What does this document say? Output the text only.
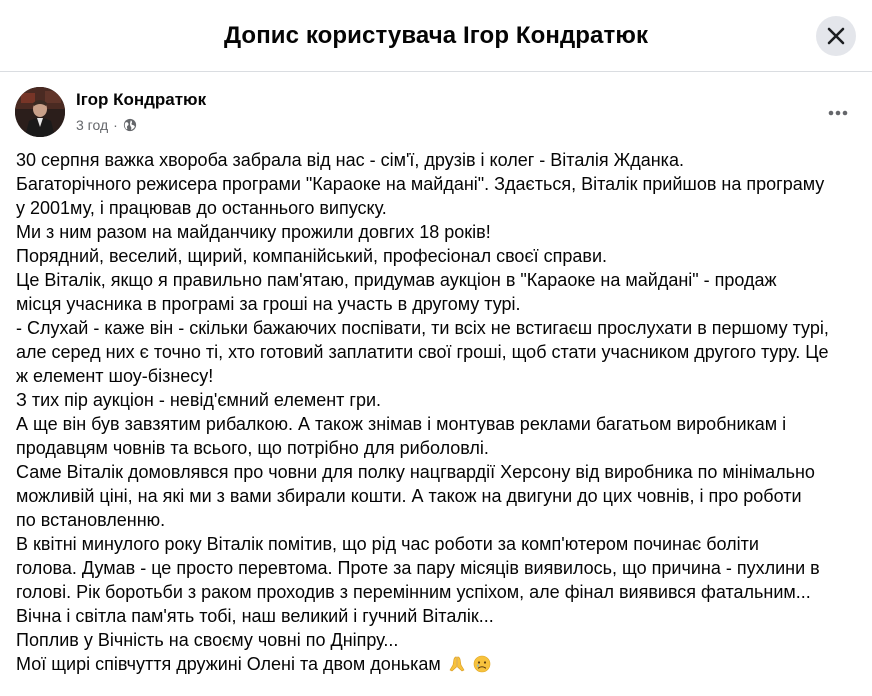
Допис користувача Ігор Кондратюк
Ігор Кондратюк
3 год ·
30 серпня важка хвороба забрала від нас - сім'ї, друзів і колег - Віталія Жданка.
Багаторічного режисера програми "Караоке на майдані". Здається, Віталік прийшов на програму
у 2001му, і працював до останнього випуску.
Ми з ним разом на майданчику прожили довгих 18 років!
Порядний, веселий, щирий, компанійський, професіонал своєї справи.
Це Віталік, якщо я правильно пам'ятаю, придумав аукціон в "Караоке на майдані" - продаж
місця учасника в програмі за гроші на участь в другому турі.
- Слухай - каже він - скільки бажаючих поспівати, ти всіх не встигаєш прослухати в першому турі,
але серед них є точно ті, хто готовий заплатити свої гроші, щоб стати учасником другого туру. Це
ж елемент шоу-бізнесу!
З тих пір аукціон - невід'ємний елемент гри.
А ще він був завзятим рибалкою. А також знімав і монтував реклами багатьом виробникам і
продавцям човнів та всього, що потрібно для риболовлі.
Саме Віталік домовлявся про човни для полку нацгвардії Херсону від виробника по мінімально
можливій ціні, на які ми з вами збирали кошти. А також на двигуни до цих човнів, і про роботи
по встановленню.
В квітні минулого року Віталік помітив, що рід час роботи за комп'ютером починає боліти
голова. Думав - це просто перевтома. Проте за пару місяців виявилось, що причина - пухлини в
голові. Рік боротьби з раком проходив з перемінним успіхом, але фінал виявився фатальним...
Вічна і світла пам'ять тобі, наш великий і гучний Віталік...
Поплив у Вічність на своєму човні по Дніпру...
Мої щирі співчуття дружині Олені та двом донькам
